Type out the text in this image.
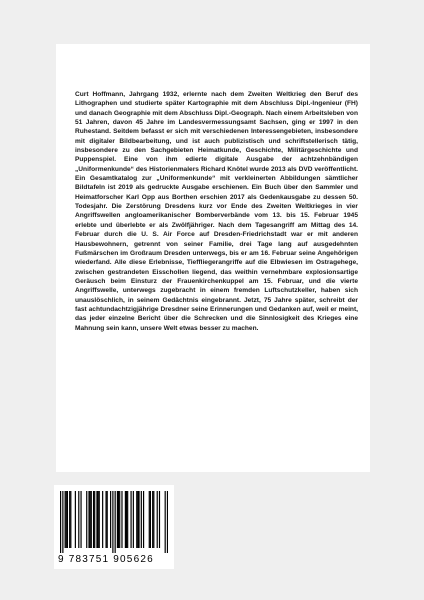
Curt Hoffmann, Jahrgang 1932, erlernte nach dem Zweiten Weltkrieg den Beruf des Lithographen und studierte später Kartographie mit dem Abschluss Dipl.-Ingenieur (FH) und danach Geographie mit dem Abschluss Dipl.-Geograph. Nach einem Arbeitsleben von 51 Jahren, davon 45 Jahre im Landesvermessungsamt Sachsen, ging er 1997 in den Ruhestand. Seitdem befasst er sich mit verschiedenen Interessengebieten, insbesondere mit digitaler Bildbearbeitung, und ist auch publizistisch und schriftstellerisch tätig, insbesondere zu den Sachgebieten Heimatkunde, Geschichte, Militärgeschichte und Puppenspiel. Eine von ihm edierte digitale Ausgabe der achtzehnbändigen „Uniformenkunde“ des Historienmalers Richard Knötel wurde 2013 als DVD veröffentlicht. Ein Gesamtkatalog zur „Uniformenkunde“ mit verkleinerten Abbildungen sämtlicher Bildtafeln ist 2019 als gedruckte Ausgabe erschienen. Ein Buch über den Sammler und Heimatforscher Karl Opp aus Borthen erschien 2017 als Gedenkausgabe zu dessen 50. Todesjahr. Die Zerstörung Dresdens kurz vor Ende des Zweiten Weltkrieges in vier Angriffswellen angloamerikanischer Bomberverbände vom 13. bis 15. Februar 1945 erlebte und überlebte er als Zwölfjähriger. Nach dem Tagesangriff am Mittag des 14. Februar durch die U. S. Air Force auf Dresden-Friedrichstadt war er mit anderen Hausbewohnern, getrennt von seiner Familie, drei Tage lang auf ausgedehnten Fußmärschen im Großraum Dresden unterwegs, bis er am 16. Februar seine Angehörigen wiederfand. Alle diese Erlebnisse, Tieffliegerangriffe auf die Elbwiesen im Ostragehege, zwischen gestrandeten Eisschollen liegend, das weithin vernehmbare explosionsartige Geräusch beim Einsturz der Frauenkirchenkuppel am 15. Februar, und die vierte Angriffswelle, unterwegs zugebracht in einem fremden Luftschutzkeller, haben sich unauslöschlich, in seinem Gedächtnis eingebrannt. Jetzt, 75 Jahre später, schreibt der fast achtundachtzigjährige Dresdner seine Erinnerungen und Gedanken auf, weil er meint, das jeder einzelne Bericht über die Schrecken und die Sinnlosigkeit des Krieges eine Mahnung sein kann, unsere Welt etwas besser zu machen.

9 783751 905626
